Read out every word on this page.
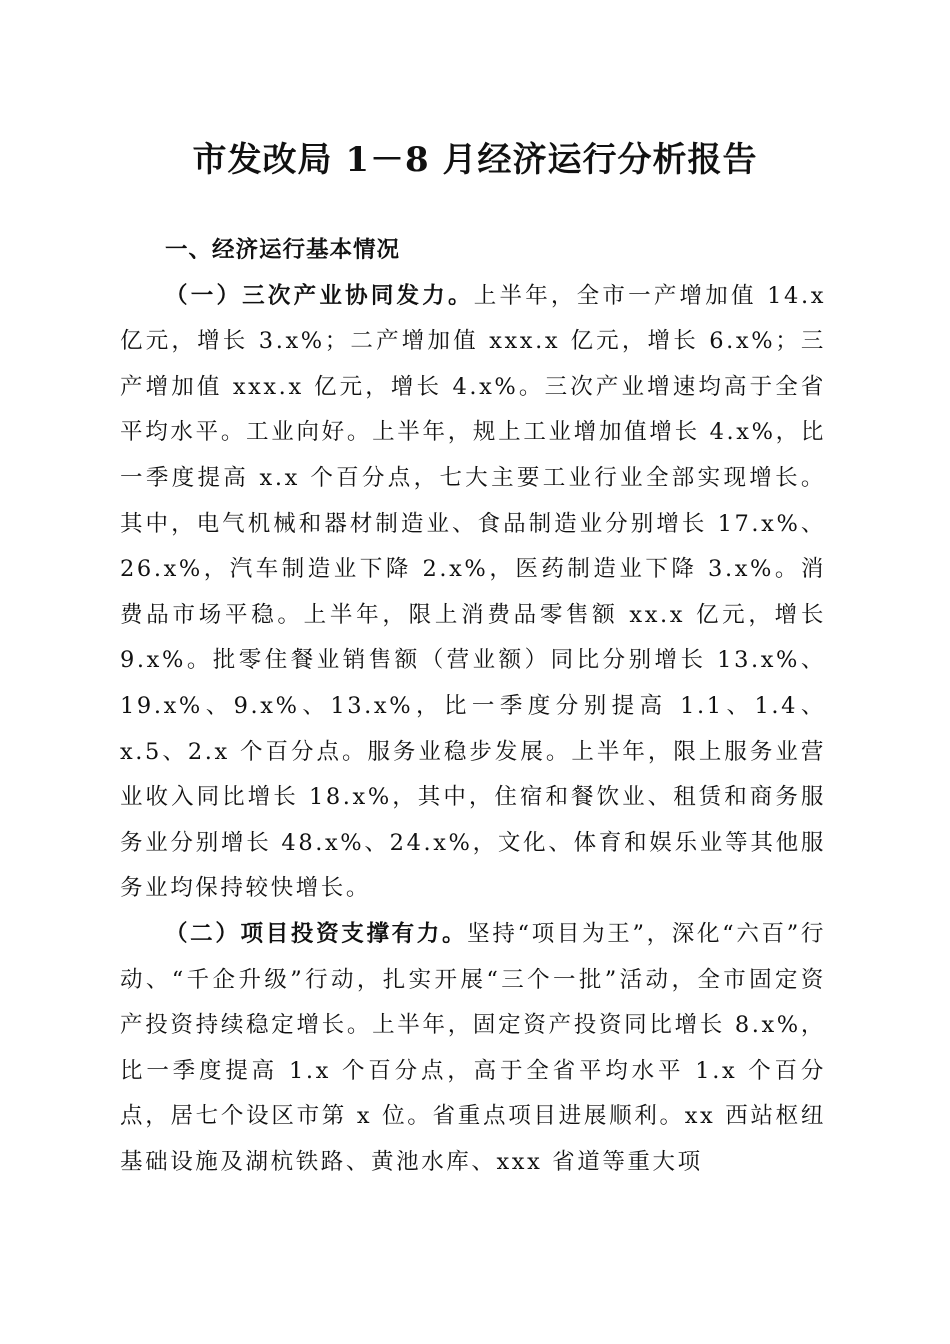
市发改局 1－8 月经济运行分析报告

一、经济运行基本情况

（一）三次产业协同发力。上半年，全市一产增加值 14.x 亿元，增长 3.x%；二产增加值 xxx.x 亿元，增长 6.x%；三产增加值 xxx.x 亿元，增长 4.x%。三次产业增速均高于全省平均水平。工业向好。上半年，规上工业增加值增长 4.x%，比一季度提高 x.x 个百分点，七大主要工业行业全部实现增长。其中，电气机械和器材制造业、食品制造业分别增长 17.x%、26.x%，汽车制造业下降 2.x%，医药制造业下降 3.x%。消费品市场平稳。上半年，限上消费品零售额 xx.x 亿元，增长 9.x%。批零住餐业销售额（营业额）同比分别增长 13.x%、19.x%、9.x%、13.x%，比一季度分别提高 1.1、1.4、x.5、2.x 个百分点。服务业稳步发展。上半年，限上服务业营业收入同比增长 18.x%，其中，住宿和餐饮业、租赁和商务服务业分别增长 48.x%、24.x%，文化、体育和娱乐业等其他服务业均保持较快增长。

（二）项目投资支撑有力。坚持“项目为王”，深化“六百”行动、“千企升级”行动，扎实开展“三个一批”活动，全市固定资产投资持续稳定增长。上半年，固定资产投资同比增长 8.x%，比一季度提高 1.x 个百分点，高于全省平均水平 1.x 个百分点，居七个设区市第 x 位。省重点项目进展顺利。xx 西站枢纽基础设施及湖杭铁路、黄池水库、xxx 省道等重大项
